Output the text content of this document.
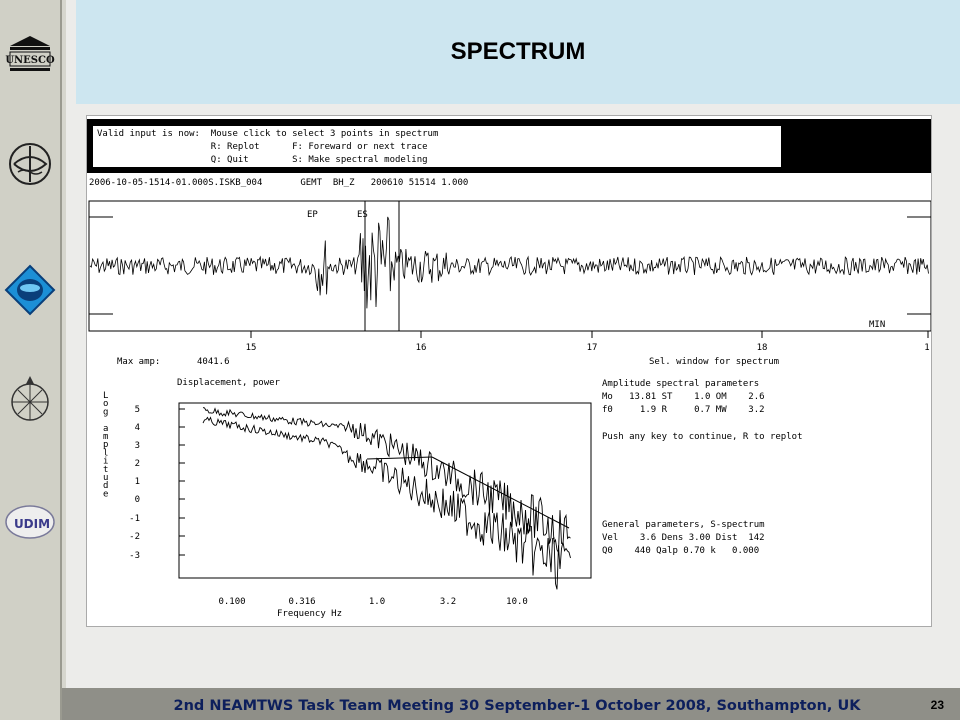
UNESCO
UDIM
SPECTRUM
Valid input is now:  Mouse click to select 3 points in spectrum
R: Replot      F: Foreward or next trace
Q: Quit        S: Make spectral modeling
2006-10-05-1514-01.000S.ISKB_004       GEMT  BH_Z   200610 51514 1.000
EP	ES
MIN
15	16	17	18	1
Max amp:	4041.6	Sel. window for spectrum
Displacement, power
L
o
g
a
m
p
l
i
t
u
d
e
5
4
3
2
1
0
-1
-2
-3
0.100	0.316	1.0	3.2	10.0
Frequency Hz
Amplitude spectral parameters
Mo   13.81 ST    1.0 OM    2.6
f0     1.9 R     0.7 MW    3.2
Push any key to continue, R to replot
General parameters, S-spectrum
Vel    3.6 Dens 3.00 Dist  142
Q0    440 Qalp 0.70 k   0.000
2nd NEAMTWS Task Team Meeting 30 September-1 October 2008, Southampton, UK	23
